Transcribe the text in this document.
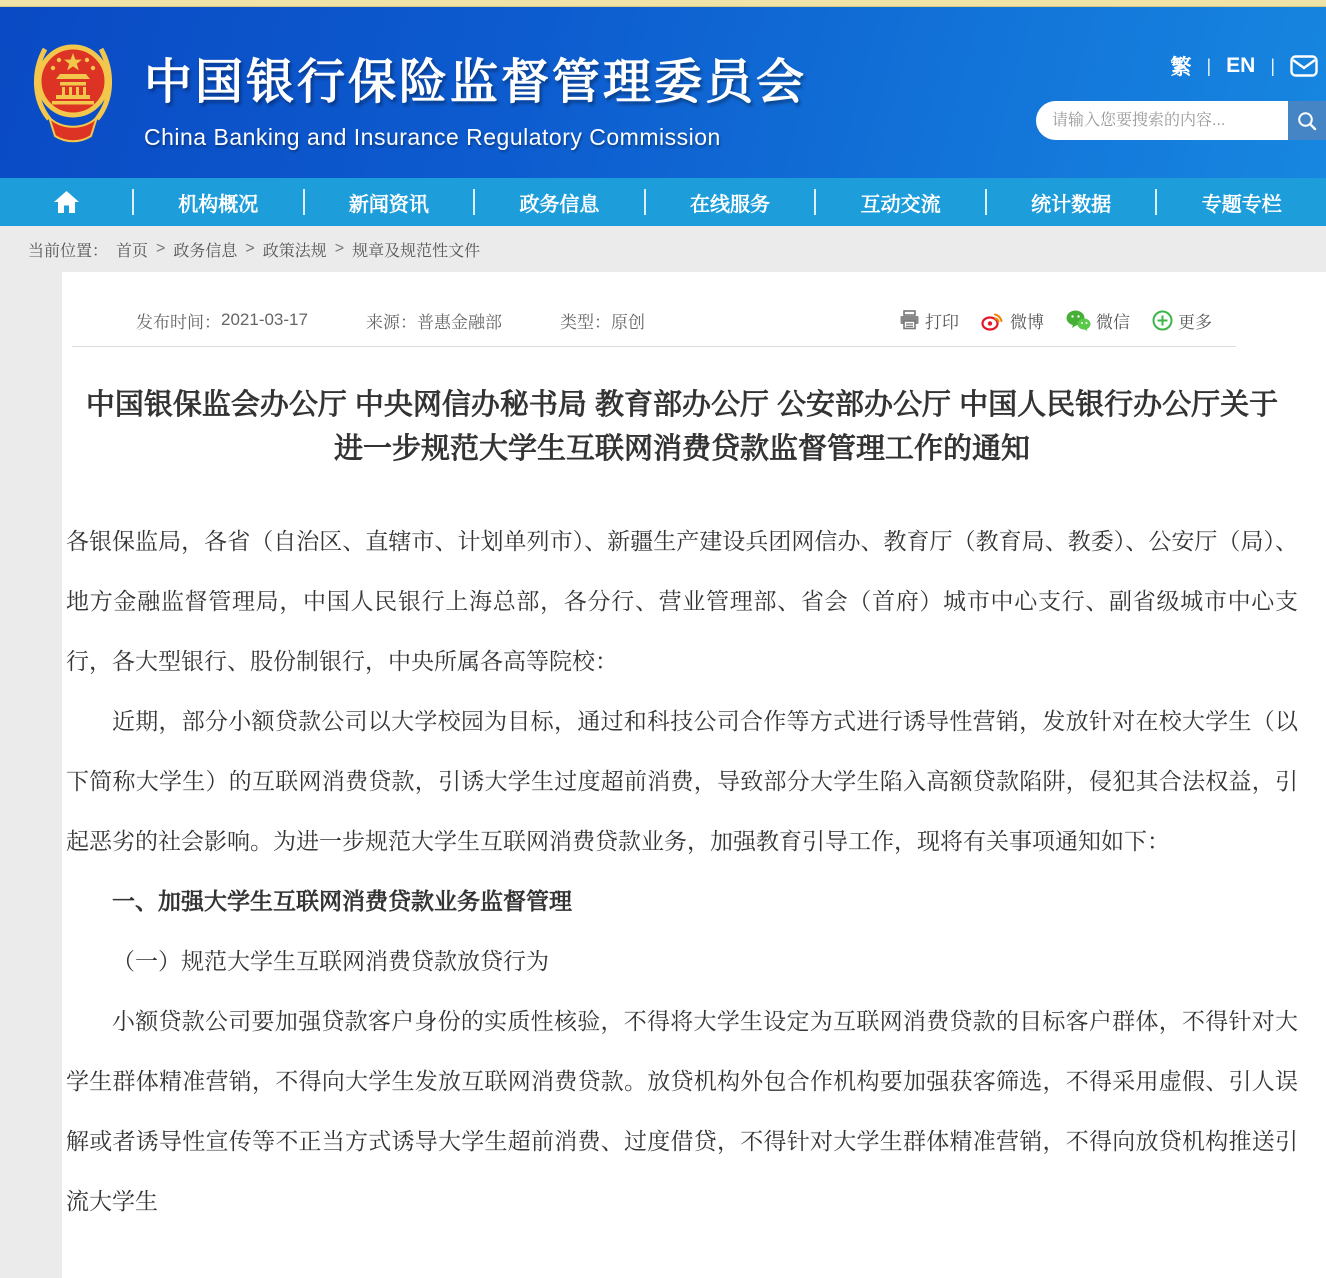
中国银行保险监督管理委员会
China Banking and Insurance Regulatory Commission
繁 | EN |
请输入您要搜索的内容...
机构概况	新闻资讯	政务信息	在线服务	互动交流	统计数据	专题专栏
当前位置： 首页 > 政务信息 > 政策法规 > 规章及规范性文件
发布时间： 2021-03-17	来源： 普惠金融部	类型： 原创	打印	微博	微信	更多
中国银保监会办公厅 中央网信办秘书局 教育部办公厅 公安部办公厅 中国人民银行办公厅关于进一步规范大学生互联网消费贷款监督管理工作的通知

各银保监局，各省（自治区、直辖市、计划单列市）、新疆生产建设兵团网信办、教育厅（教育局、教委）、公安厅（局）、地方金融监督管理局，中国人民银行上海总部，各分行、营业管理部、省会（首府）城市中心支行、副省级城市中心支行，各大型银行、股份制银行，中央所属各高等院校：

近期，部分小额贷款公司以大学校园为目标，通过和科技公司合作等方式进行诱导性营销，发放针对在校大学生（以下简称大学生）的互联网消费贷款，引诱大学生过度超前消费，导致部分大学生陷入高额贷款陷阱，侵犯其合法权益，引起恶劣的社会影响。为进一步规范大学生互联网消费贷款业务，加强教育引导工作，现将有关事项通知如下：

一、加强大学生互联网消费贷款业务监督管理

（一）规范大学生互联网消费贷款放贷行为

小额贷款公司要加强贷款客户身份的实质性核验，不得将大学生设定为互联网消费贷款的目标客户群体，不得针对大学生群体精准营销，不得向大学生发放互联网消费贷款。放贷机构外包合作机构要加强获客筛选，不得采用虚假、引人误解或者诱导性宣传等不正当方式诱导大学生超前消费、过度借贷，不得针对大学生群体精准营销，不得向放贷机构推送引流大学生
